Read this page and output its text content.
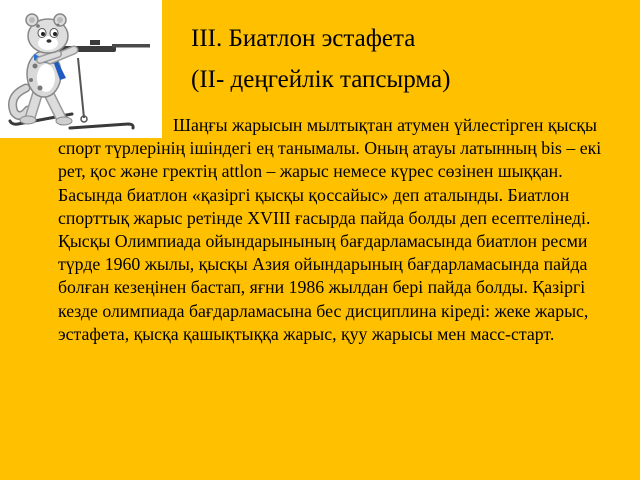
III. Биатлон эстафета
(II- деңгейлік тапсырма)

Шаңғы жарысын мылтықтан атумен үйлестірген қысқы спорт түрлерінің ішіндегі ең танымалы. Оның атауы латынның bis – екі рет, қос және гректің attlon – жарыс немесе күрес сөзінен шыққан. Басында биатлон «қазіргі қысқы қоссайыс» деп аталынды. Биатлон спорттық жарыс ретінде XVIII ғасырда пайда болды деп есептелінеді. Қысқы Олимпиада ойындарынының бағдарламасында биатлон ресми түрде 1960 жылы, қысқы Азия ойындарының бағдарламасында пайда болған кезеңінен бастап, яғни 1986 жылдан бері пайда болды. Қазіргі кезде олимпиада бағдарламасына бес дисциплина кіреді: жеке жарыс, эстафета, қысқа қашықтыққа жарыс, қуу жарысы мен масс-старт.
